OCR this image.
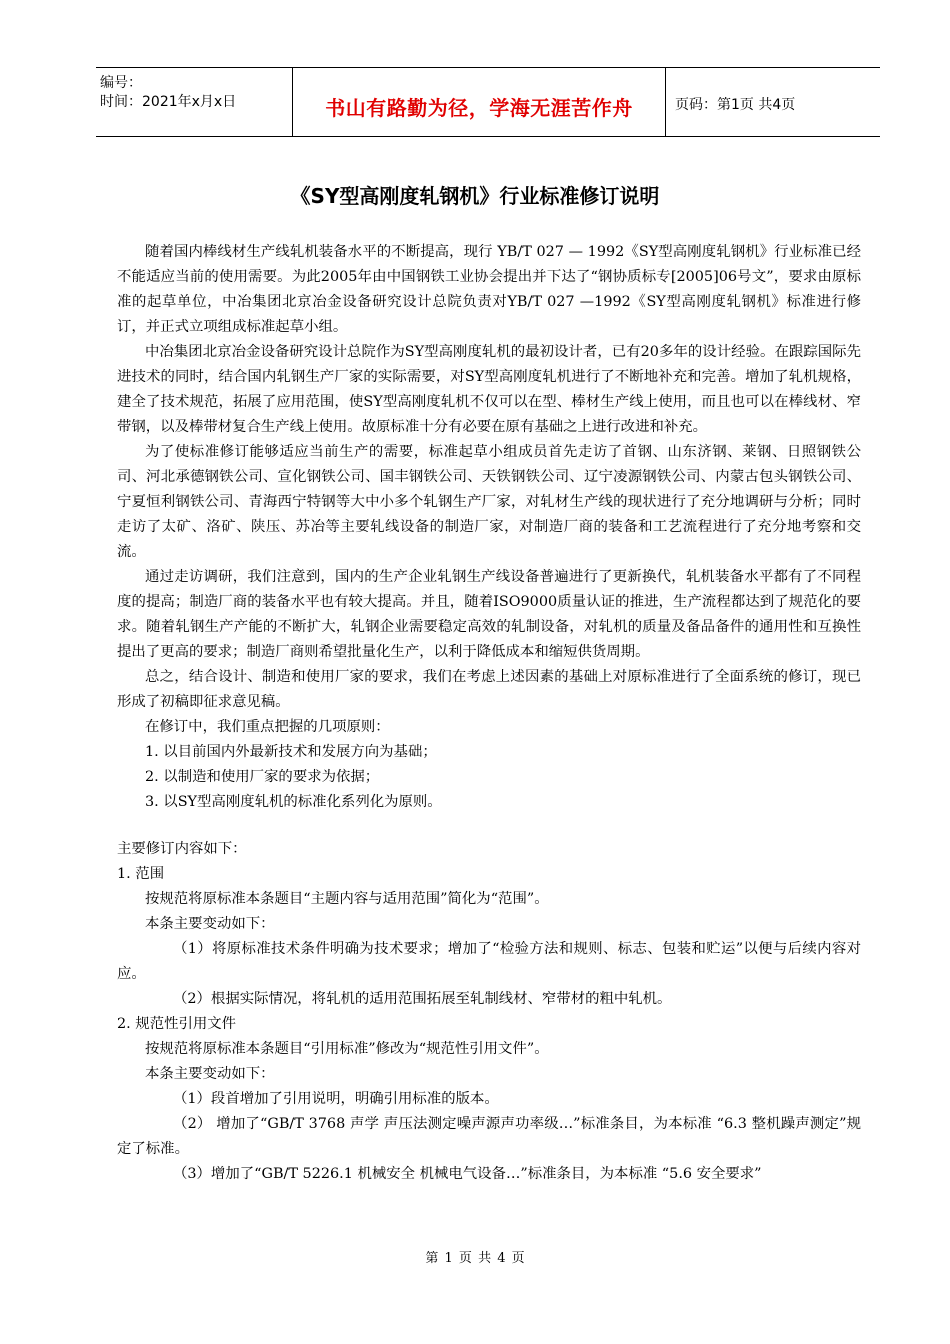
编号：
时间：2021年x月x日	书山有路勤为径，学海无涯苦作舟	页码：第1页 共4页
《SY型高刚度轧钢机》行业标准修订说明

随着国内棒线材生产线轧机装备水平的不断提高，现行 YB/T 027 — 1992《SY型高刚度轧钢机》行业标准已经不能适应当前的使用需要。为此2005年由中国钢铁工业协会提出并下达了“钢协质标专[2005]06号文”，要求由原标准的起草单位，中冶集团北京冶金设备研究设计总院负责对YB/T 027 —1992《SY型高刚度轧钢机》标准进行修订，并正式立项组成标准起草小组。

中冶集团北京冶金设备研究设计总院作为SY型高刚度轧机的最初设计者，已有20多年的设计经验。在跟踪国际先进技术的同时，结合国内轧钢生产厂家的实际需要，对SY型高刚度轧机进行了不断地补充和完善。增加了轧机规格，建全了技术规范，拓展了应用范围，使SY型高刚度轧机不仅可以在型、棒材生产线上使用，而且也可以在棒线材、窄带钢，以及棒带材复合生产线上使用。故原标准十分有必要在原有基础之上进行改进和补充。

为了使标准修订能够适应当前生产的需要，标准起草小组成员首先走访了首钢、山东济钢、莱钢、日照钢铁公司、河北承德钢铁公司、宣化钢铁公司、国丰钢铁公司、天铁钢铁公司、辽宁凌源钢铁公司、内蒙古包头钢铁公司、宁夏恒利钢铁公司、青海西宁特钢等大中小多个轧钢生产厂家，对轧材生产线的现状进行了充分地调研与分析；同时走访了太矿、洛矿、陕压、苏冶等主要轧线设备的制造厂家，对制造厂商的装备和工艺流程进行了充分地考察和交流。

通过走访调研，我们注意到，国内的生产企业轧钢生产线设备普遍进行了更新换代，轧机装备水平都有了不同程度的提高；制造厂商的装备水平也有较大提高。并且，随着ISO9000质量认证的推进，生产流程都达到了规范化的要求。随着轧钢生产产能的不断扩大，轧钢企业需要稳定高效的轧制设备，对轧机的质量及备品备件的通用性和互换性提出了更高的要求；制造厂商则希望批量化生产，以利于降低成本和缩短供货周期。

总之，结合设计、制造和使用厂家的要求，我们在考虑上述因素的基础上对原标准进行了全面系统的修订，现已形成了初稿即征求意见稿。

在修订中，我们重点把握的几项原则：

1. 以目前国内外最新技术和发展方向为基础；

2. 以制造和使用厂家的要求为依据；

3. 以SY型高刚度轧机的标准化系列化为原则。

主要修订内容如下：

1. 范围

按规范将原标准本条题目“主题内容与适用范围”简化为“范围”。

本条主要变动如下：

（1）将原标准技术条件明确为技术要求；增加了“检验方法和规则、标志、包装和贮运”以便与后续内容对应。

（2）根据实际情况，将轧机的适用范围拓展至轧制线材、窄带材的粗中轧机。

2. 规范性引用文件

按规范将原标准本条题目“引用标准”修改为“规范性引用文件”。

本条主要变动如下：

（1）段首增加了引用说明，明确引用标准的版本。

（2） 增加了“GB/T 3768 声学 声压法测定噪声源声功率级…”标准条目，为本标准 “6.3 整机躁声测定”规定了标准。

（3）增加了“GB/T 5226.1 机械安全 机械电气设备…”标准条目，为本标准 “5.6 安全要求”

第 1 页 共 4 页
